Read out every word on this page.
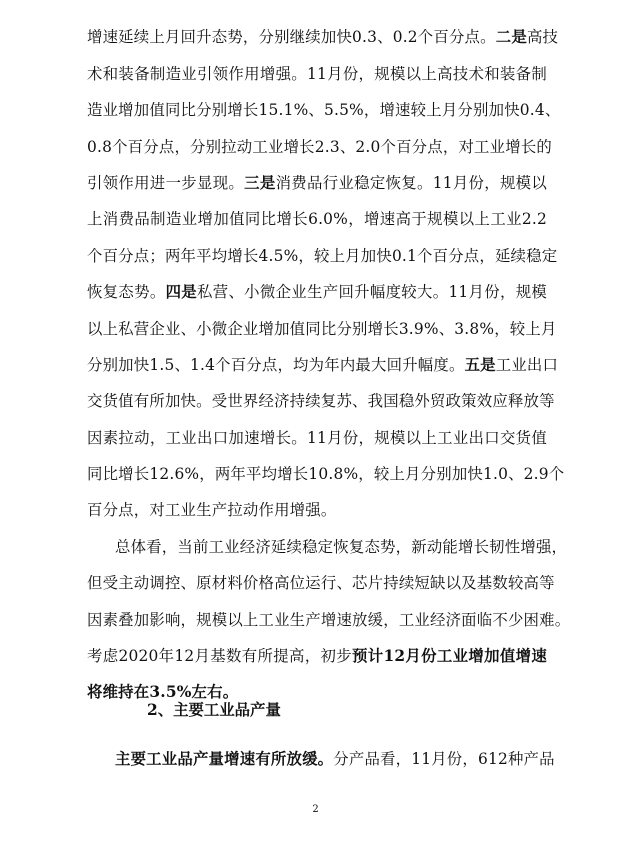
增速延续上月回升态势，分别继续加快0.3、0.2个百分点。二是高技
术和装备制造业引领作用增强。11月份，规模以上高技术和装备制
造业增加值同比分别增长15.1%、5.5%，增速较上月分别加快0.4、
0.8个百分点，分别拉动工业增长2.3、2.0个百分点，对工业增长的
引领作用进一步显现。三是消费品行业稳定恢复。11月份，规模以
上消费品制造业增加值同比增长6.0%，增速高于规模以上工业2.2
个百分点；两年平均增长4.5%，较上月加快0.1个百分点，延续稳定
恢复态势。四是私营、小微企业生产回升幅度较大。11月份，规模
以上私营企业、小微企业增加值同比分别增长3.9%、3.8%，较上月
分别加快1.5、1.4个百分点，均为年内最大回升幅度。五是工业出口
交货值有所加快。受世界经济持续复苏、我国稳外贸政策效应释放等
因素拉动，工业出口加速增长。11月份，规模以上工业出口交货值
同比增长12.6%，两年平均增长10.8%，较上月分别加快1.0、2.9个
百分点，对工业生产拉动作用增强。
总体看，当前工业经济延续稳定恢复态势，新动能增长韧性增强，
但受主动调控、原材料价格高位运行、芯片持续短缺以及基数较高等
因素叠加影响，规模以上工业生产增速放缓，工业经济面临不少困难。
考虑2020年12月基数有所提高，初步预计12月份工业增加值增速
将维持在3.5%左右。
2、主要工业品产量
主要工业品产量增速有所放缓。分产品看，11月份，612种产品
2
